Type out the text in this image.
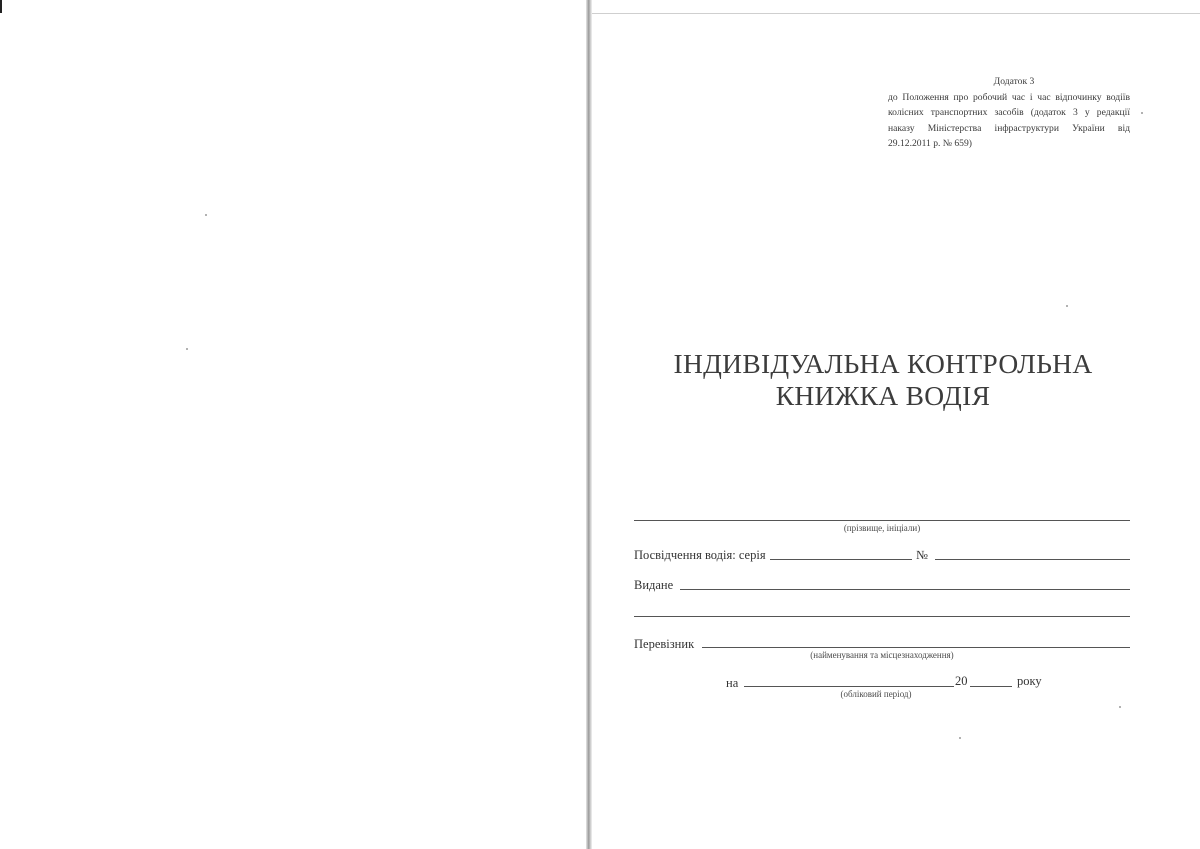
Додаток 3
до Положення про робочий час і час відпочинку водіїв колісних транспортних засобів (додаток 3 у редакції наказу Міністерства інфраструктури України від 29.12.2011 р. № 659)
ІНДИВІДУАЛЬНА КОНТРОЛЬНА
КНИЖКА ВОДІЯ
(прізвище, ініціали)
Посвідчення водія: серія	№
Видане
Перевізник
(найменування та місцезнаходження)
на	20	року
(обліковий період)
